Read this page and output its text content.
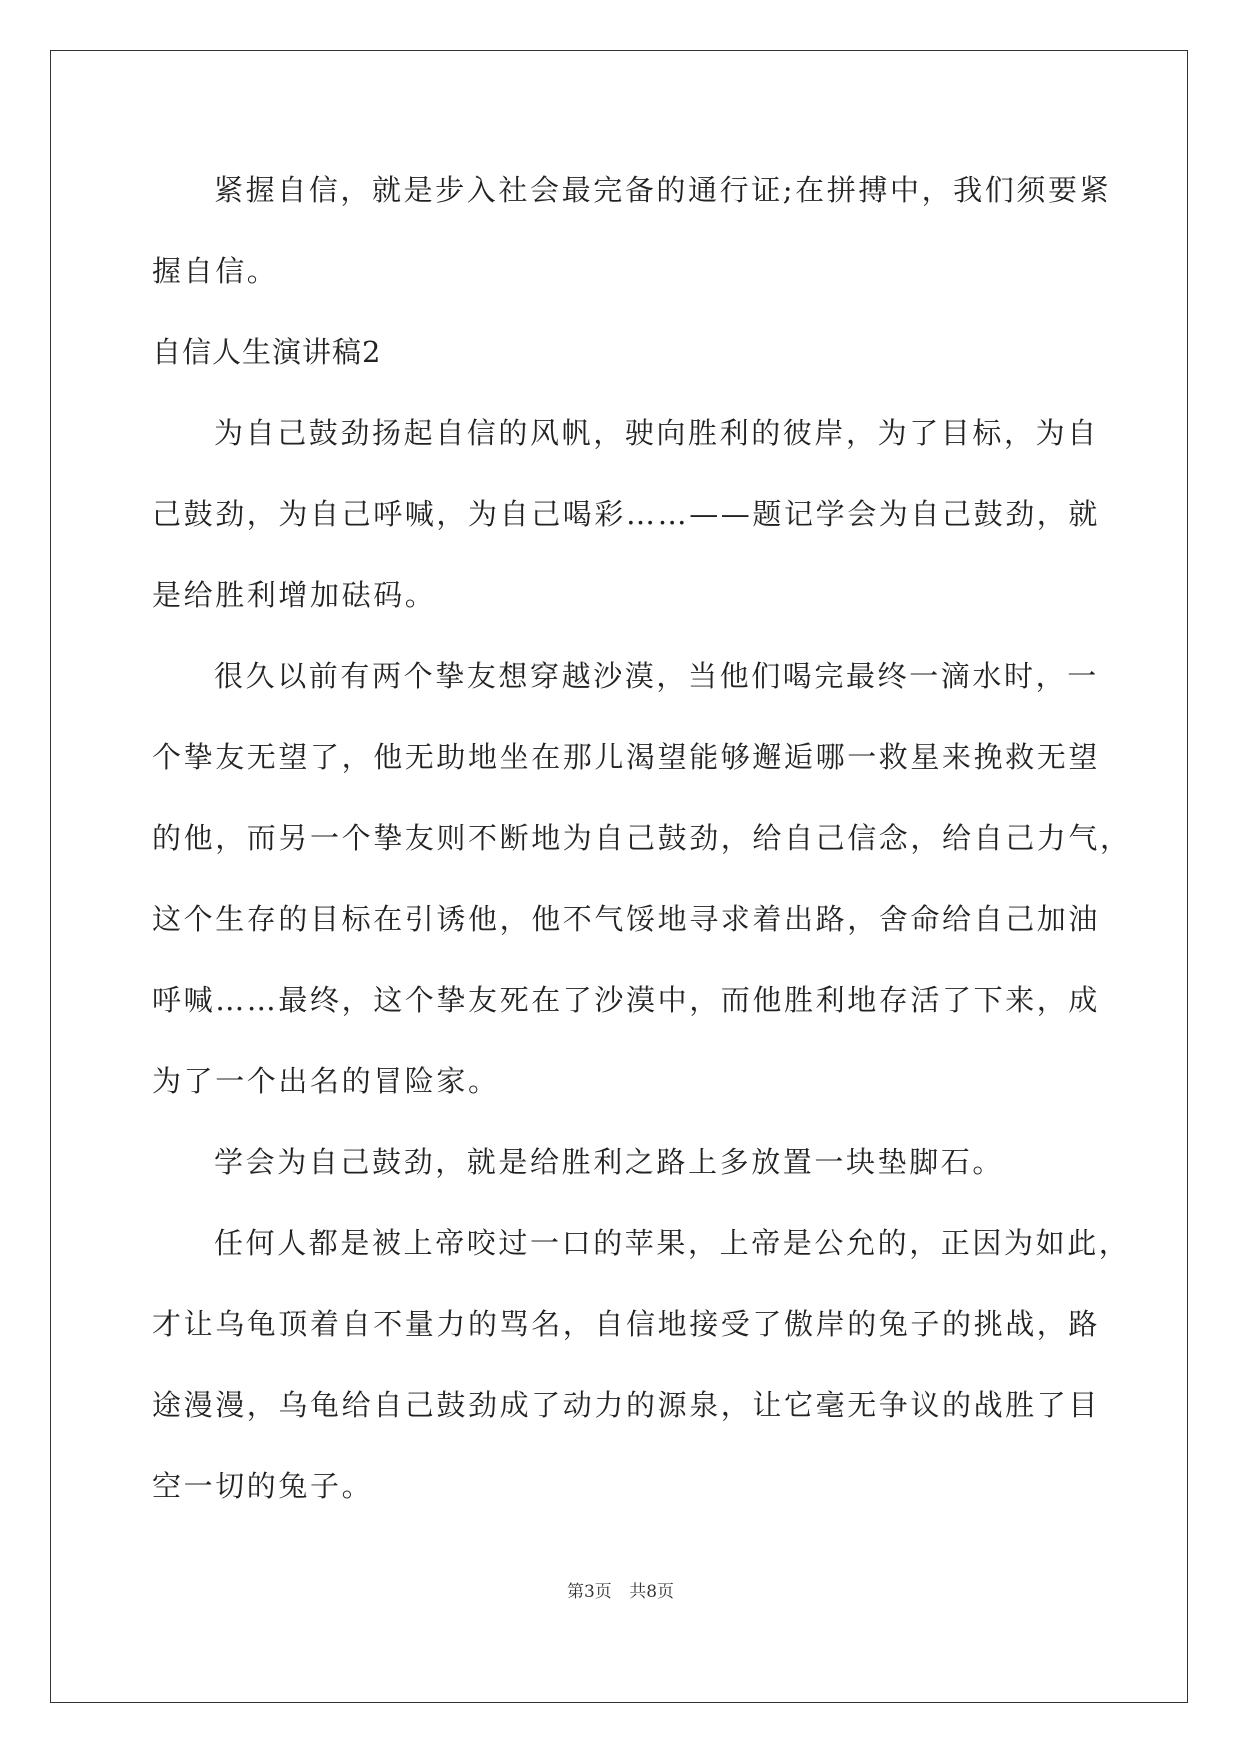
紧握自信，就是步入社会最完备的通行证;在拼搏中，我们须要紧

握自信。

自信人生演讲稿2

为自己鼓劲扬起自信的风帆，驶向胜利的彼岸，为了目标，为自

己鼓劲，为自己呼喊，为自己喝彩……——题记学会为自己鼓劲，就

是给胜利增加砝码。

很久以前有两个挚友想穿越沙漠，当他们喝完最终一滴水时，一

个挚友无望了，他无助地坐在那儿渴望能够邂逅哪一救星来挽救无望

的他，而另一个挚友则不断地为自己鼓劲，给自己信念，给自己力气，

这个生存的目标在引诱他，他不气馁地寻求着出路，舍命给自己加油

呼喊……最终，这个挚友死在了沙漠中，而他胜利地存活了下来，成

为了一个出名的冒险家。

学会为自己鼓劲，就是给胜利之路上多放置一块垫脚石。

任何人都是被上帝咬过一口的苹果，上帝是公允的，正因为如此，

才让乌龟顶着自不量力的骂名，自信地接受了傲岸的兔子的挑战，路

途漫漫，乌龟给自己鼓劲成了动力的源泉，让它毫无争议的战胜了目

空一切的兔子。

第3页 共8页
